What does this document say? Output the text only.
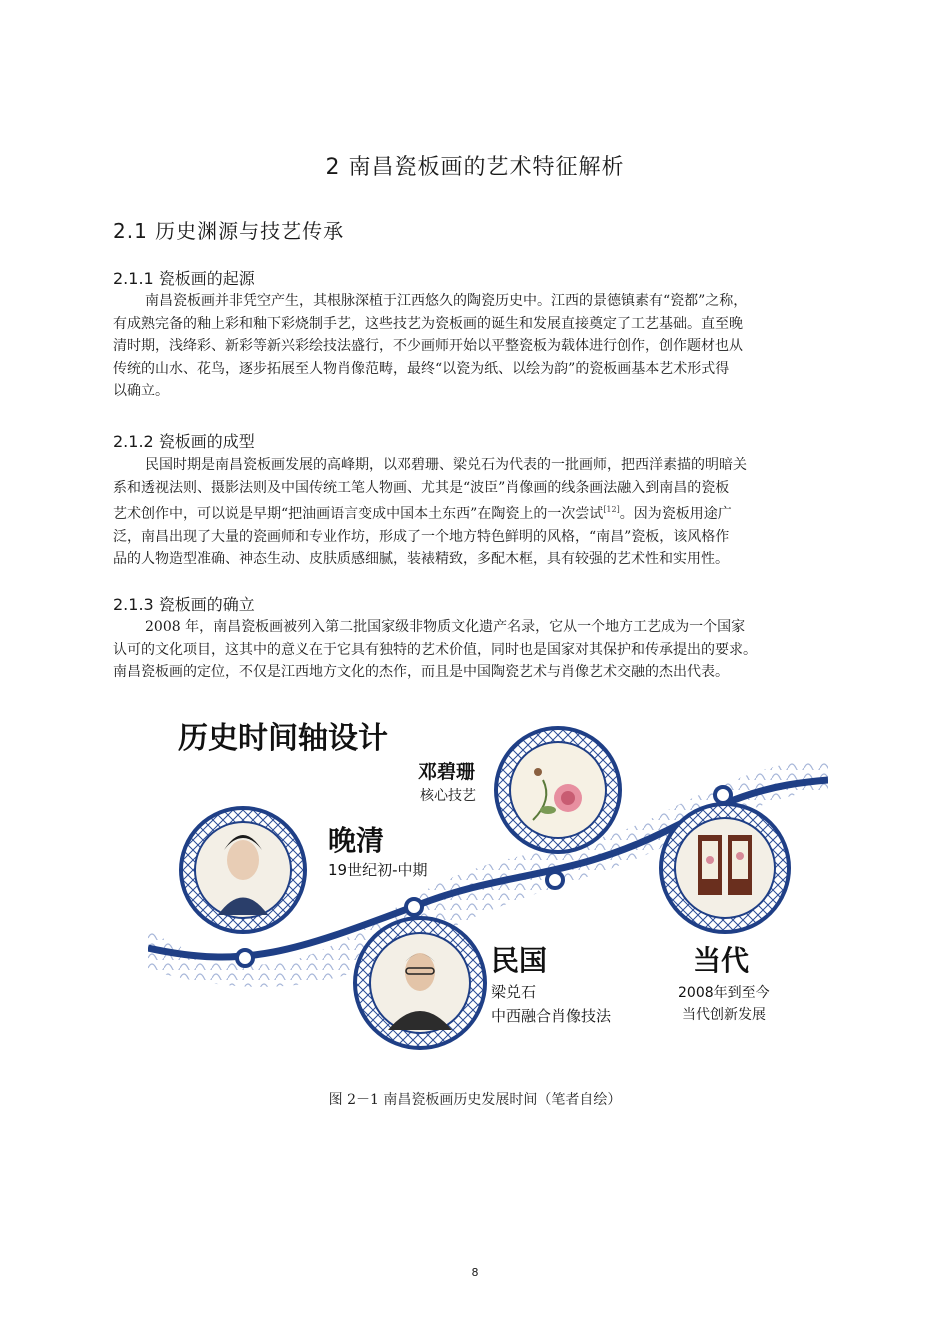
2 南昌瓷板画的艺术特征解析
2.1 历史渊源与技艺传承
2.1.1 瓷板画的起源
南昌瓷板画并非凭空产生，其根脉深植于江西悠久的陶瓷历史中。江西的景德镇素有“瓷都”之称，
有成熟完备的釉上彩和釉下彩烧制手艺，这些技艺为瓷板画的诞生和发展直接奠定了工艺基础。直至晚
清时期，浅绛彩、新彩等新兴彩绘技法盛行，不少画师开始以平整瓷板为载体进行创作，创作题材也从
传统的山水、花鸟，逐步拓展至人物肖像范畴，最终“以瓷为纸、以绘为韵”的瓷板画基本艺术形式得
以确立。
2.1.2 瓷板画的成型
民国时期是南昌瓷板画发展的高峰期，以邓碧珊、梁兑石为代表的一批画师，把西洋素描的明暗关
系和透视法则、摄影法则及中国传统工笔人物画、尤其是“波臣”肖像画的线条画法融入到南昌的瓷板
艺术创作中，可以说是早期“把油画语言变成中国本土东西”在陶瓷上的一次尝试[12]。因为瓷板用途广
泛，南昌出现了大量的瓷画师和专业作坊，形成了一个地方特色鲜明的风格，“南昌”瓷板，该风格作
品的人物造型准确、神态生动、皮肤质感细腻，装裱精致，多配木框，具有较强的艺术性和实用性。
2.1.3 瓷板画的确立
2008 年，南昌瓷板画被列入第二批国家级非物质文化遗产名录，它从一个地方工艺成为一个国家
认可的文化项目，这其中的意义在于它具有独特的艺术价值，同时也是国家对其保护和传承提出的要求。
南昌瓷板画的定位，不仅是江西地方文化的杰作，而且是中国陶瓷艺术与肖像艺术交融的杰出代表。
历史时间轴设计
晚清
19世纪初-中期
邓碧珊
核心技艺
民国
梁兑石
中西融合肖像技法
当代
2008年到至今
当代创新发展
图 2－1 南昌瓷板画历史发展时间（笔者自绘）
8
